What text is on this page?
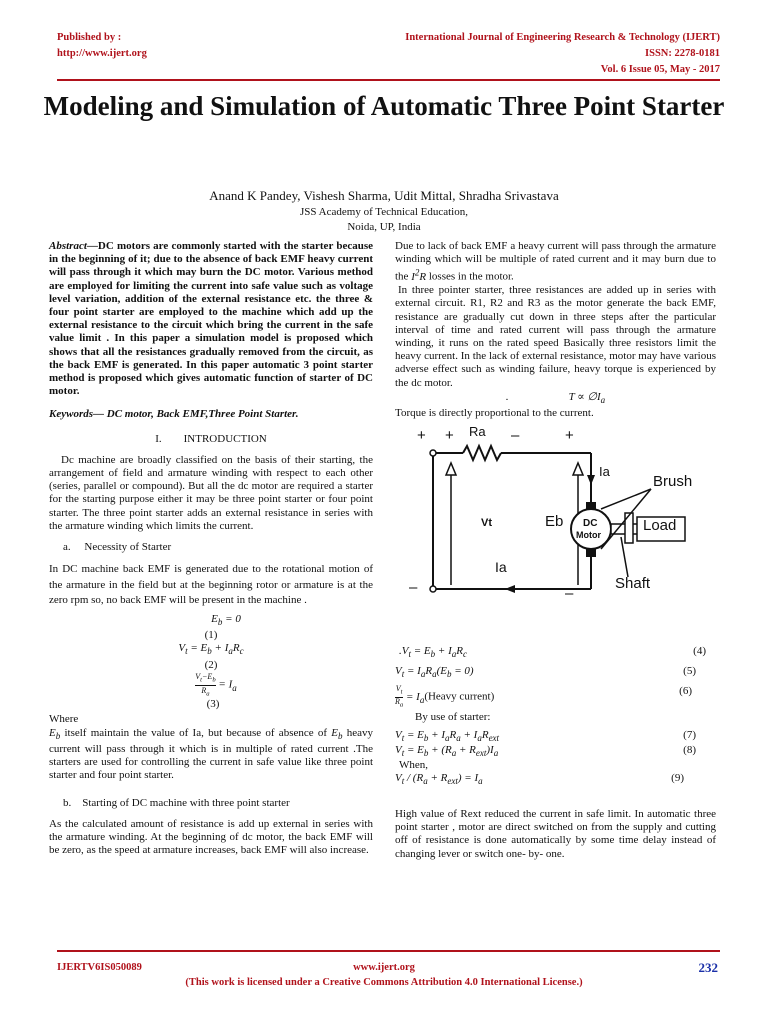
Published by :
http://www.ijert.org
International Journal of Engineering Research & Technology (IJERT)
ISSN: 2278-0181
Vol. 6 Issue 05, May - 2017
Modeling and Simulation of Automatic Three Point Starter
Anand K Pandey, Vishesh Sharma, Udit Mittal, Shradha Srivastava
JSS Academy of Technical Education,
Noida, UP, India

Abstract—DC motors are commonly started with the starter because in the beginning of it; due to the absence of back EMF heavy current will pass through it which may burn the DC motor. Various method are employed for limiting the current into safe value such as voltage level variation, addition of the external resistance etc. the three & four point starter are employed to the machine which add up the external resistance to the circuit which bring the current in the safe value limit . In this paper a simulation model is proposed which shows that all the resistances gradually removed from the circuit, as the back EMF is generated. In this paper automatic 3 point starter method is proposed which gives automatic function of starter of DC motor.

Keywords— DC motor, Back EMF,Three Point Starter.

I.        INTRODUCTION

Dc machine are broadly classified on the basis of their starting, the arrangement of field and armature winding with respect to each other (series, parallel or compound). But all the dc motor are required a starter for the starting purpose either it may be three point starter or four point starter. The three point starter adds an external resistance in series with the armature winding which limits the current.

a.     Necessity of Starter

In DC machine back EMF is generated due to the rotational motion of the armature in the field but at the beginning rotor or armature is at the zero rpm so, no back EMF will be present in the machine .

$E_b = 0$
(1)
$V_t = E_b + I_aR_c$
(2)
$\frac{V_t-E_b}{R_a} = I_a$
(3)

Where

$E_b$ itself maintain the value of Ia, but because of absence of $E_b$ heavy current will pass through it which is in multiple of rated current .The starters are used for controlling the current in safe value like three point starter and four point starter.

b.    Starting of DC machine with three point starter

As the calculated amount of resistance is add up external in series with the armature winding. At the beginning of dc motor, the back EMF will be zero, as the speed at armature increases, back EMF will also increase.

Due to lack of back EMF a heavy current will pass through the armature winding which will be multiple of rated current and it may burn due to the $I^2R$ losses in the motor.

In three pointer starter, three resistances are added up in series with external circuit. R1, R2 and R3 as the motor generate the back EMF, resistance are gradually cut down in three steps after the particular interval of time and rated current will pass through the armature winding, it runs on the rated speed Basically three resistors limit the heavy current. In the lack of external resistance, motor may have various adverse effect such as winding failure, heavy torque is experienced by the dc motor.

.	$T \propto \emptyset I_a$

Torque is directly proportional to the current.

+ + Ra –	+
Ia
Brush
Vt	Eb DC
Motor
Load
Ia
Shaft
–	–
$.V_t = E_b + I_aR_c$	(4)
$V_t = I_aR_a(E_b = 0)$	(5)
$\frac{V_t}{R_a}$ = $I_a(Heavy$ current)	(6)

By use of starter:

$V_t = E_b + I_aR_a + I_aR_{ext}$	(7)
$V_t = E_b + (R_a + R_{ext})I_a$	(8)

When,

$V_t / (R_a + R_{ext}) = I_a$	(9)

High value of Rext reduced the current in safe limit. In automatic three point starter , motor are direct switched on from the supply and cutting off of resistance is done automatically by some time delay instead of changing lever or switch one- by- one.

IJERTV6IS050089	www.ijert.org	232
(This work is licensed under a Creative Commons Attribution 4.0 International License.)
